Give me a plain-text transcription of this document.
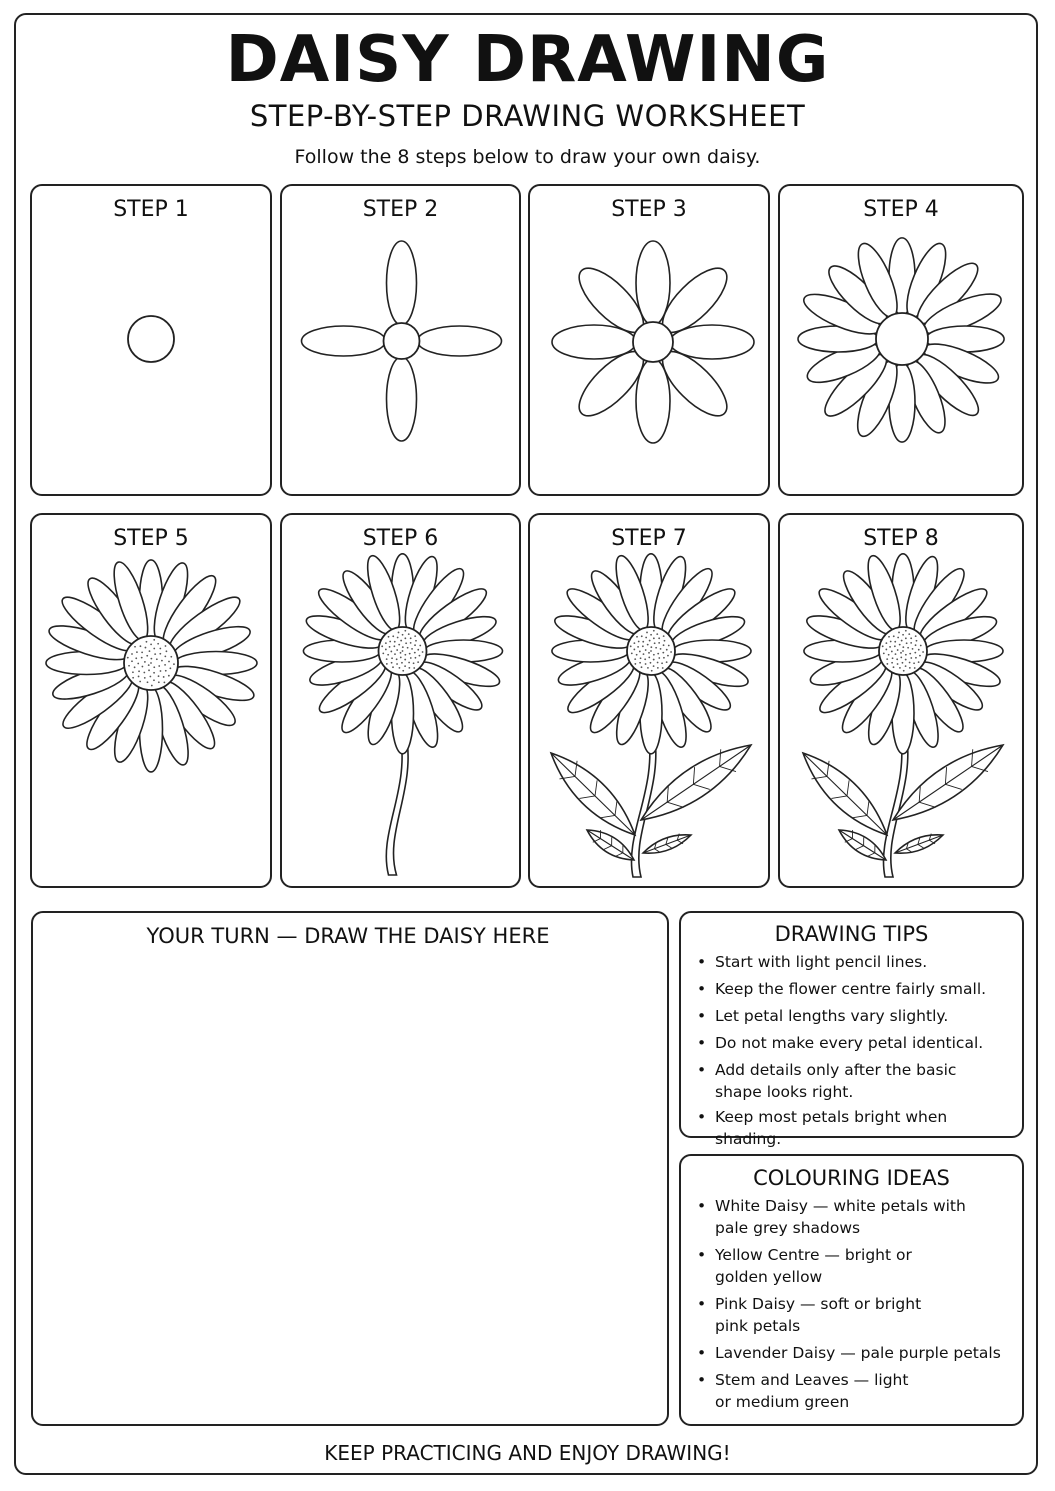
DAISY DRAWING
STEP-BY-STEP DRAWING WORKSHEET
Follow the 8 steps below to draw your own daisy.
STEP 1	STEP 2	STEP 3	STEP 4
STEP 5	STEP 6	STEP 7	STEP 8
YOUR TURN — DRAW THE DAISY HERE	DRAWING TIPS
• Start with light pencil lines.
• Keep the flower centre fairly small.
• Let petal lengths vary slightly.
• Do not make every petal identical.
• Add details only after the basic shape looks right.
• Keep most petals bright when shading.
COLOURING IDEAS
• White Daisy — white petals with pale grey shadows
• Yellow Centre — bright or golden yellow
• Pink Daisy — soft or bright pink petals
• Lavender Daisy — pale purple petals
• Stem and Leaves — light or medium green
KEEP PRACTICING AND ENJOY DRAWING!
